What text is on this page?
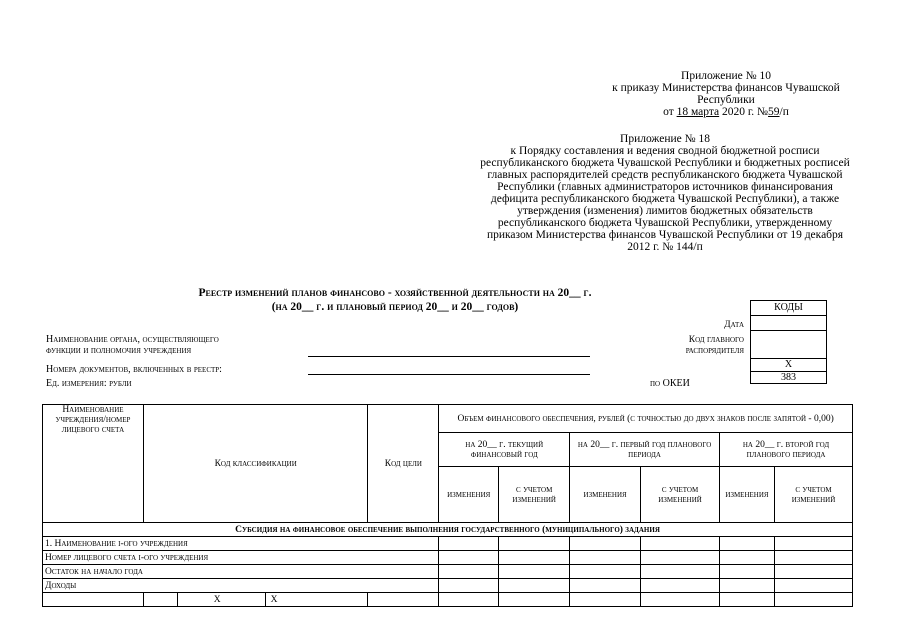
Приложение № 10
к приказу Министерства финансов Чувашской
Республики
от 18 марта 2020 г. №59/п
Приложение № 18
к Порядку составления и ведения сводной бюджетной росписи
республиканского бюджета Чувашской Республики и бюджетных росписей
главных распорядителей средств республиканского бюджета Чувашской
Республики (главных администраторов источников финансирования
дефицита республиканского бюджета Чувашской Республики), а также
утверждения (изменения) лимитов бюджетных обязательств
республиканского бюджета Чувашской Республики, утвержденному
приказом Министерства финансов Чувашской Республики от 19 декабря
2012 г. № 144/п
Реестр изменений планов финансово - хозяйственной деятельности на 20__ г.
(на 20__ г. и плановый период 20__ и 20__ годов)	КОДЫ

Х
383
Дата
Код главного
распорядителя
по ОКЕИ
Наименование органа, осуществляющего
функции и полномочия учреждения
Номера документов, включенных в реестр:
Ед. измерения: рубли
Наименование учреждения/номер лицевого счета	Код классификации			Код цели	Объем финансового обеспечения, рублей (с точностью до двух знаков после запятой - 0,00)					
					на 20__ г. текущий финансовый год		на 20__ г. первый год планового периода		на 20__ г. второй год планового периода	
					изменения	с учетом изменений	изменения	с учетом изменений	изменения	с учетом изменений
Субсидия на финансовое обеспечение выполнения государственного (муниципального) задания										
1. Наименование i-ого учреждения										
Номер лицевого счета i-ого учреждения										
Остаток на начало года										
Доходы										
		Х	Х							
